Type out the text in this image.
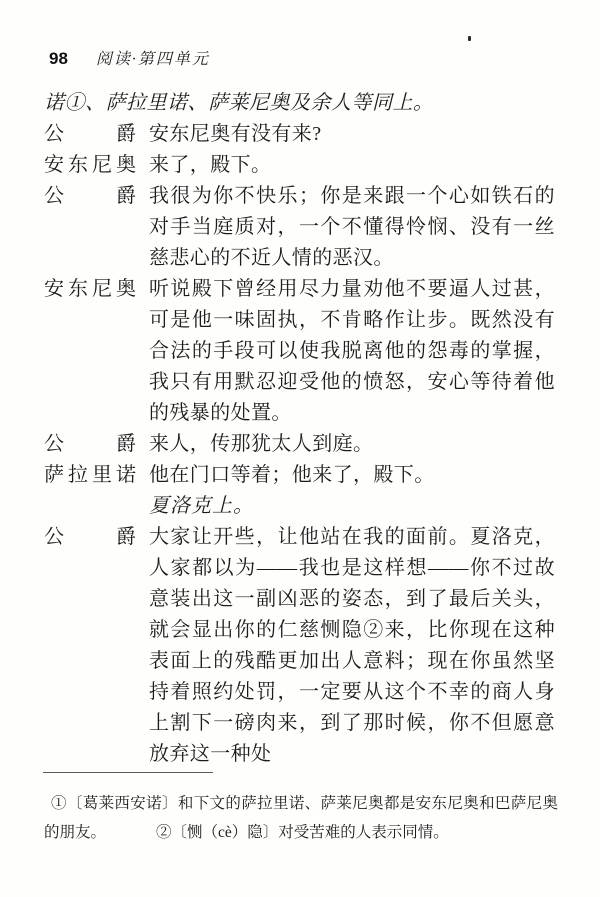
98 阅读·第四单元

诺①、萨拉里诺、萨莱尼奥及余人等同上。

公爵 安东尼奥有没有来?
安东尼奥 来了，殿下。
公爵 我很为你不快乐；你是来跟一个心如铁石的对手当庭质对，一个不懂得怜悯、没有一丝慈悲心的不近人情的恶汉。
安东尼奥 听说殿下曾经用尽力量劝他不要逼人过甚，可是他一味固执，不肯略作让步。既然没有合法的手段可以使我脱离他的怨毒的掌握，我只有用默忍迎受他的愤怒，安心等待着他的残暴的处置。
公爵 来人，传那犹太人到庭。
萨拉里诺 他在门口等着；他来了，殿下。
夏洛克上。
公爵 大家让开些，让他站在我的面前。夏洛克，人家都以为——我也是这样想——你不过故意装出这一副凶恶的姿态，到了最后关头，就会显出你的仁慈恻隐②来，比你现在这种表面上的残酷更加出人意料；现在你虽然坚持着照约处罚，一定要从这个不幸的商人身上割下一磅肉来，到了那时候，你不但愿意放弃这一种处

①〔葛莱西安诺〕和下文的萨拉里诺、萨莱尼奥都是安东尼奥和巴萨尼奥的朋友。	②〔恻（cè）隐〕对受苦难的人表示同情。
